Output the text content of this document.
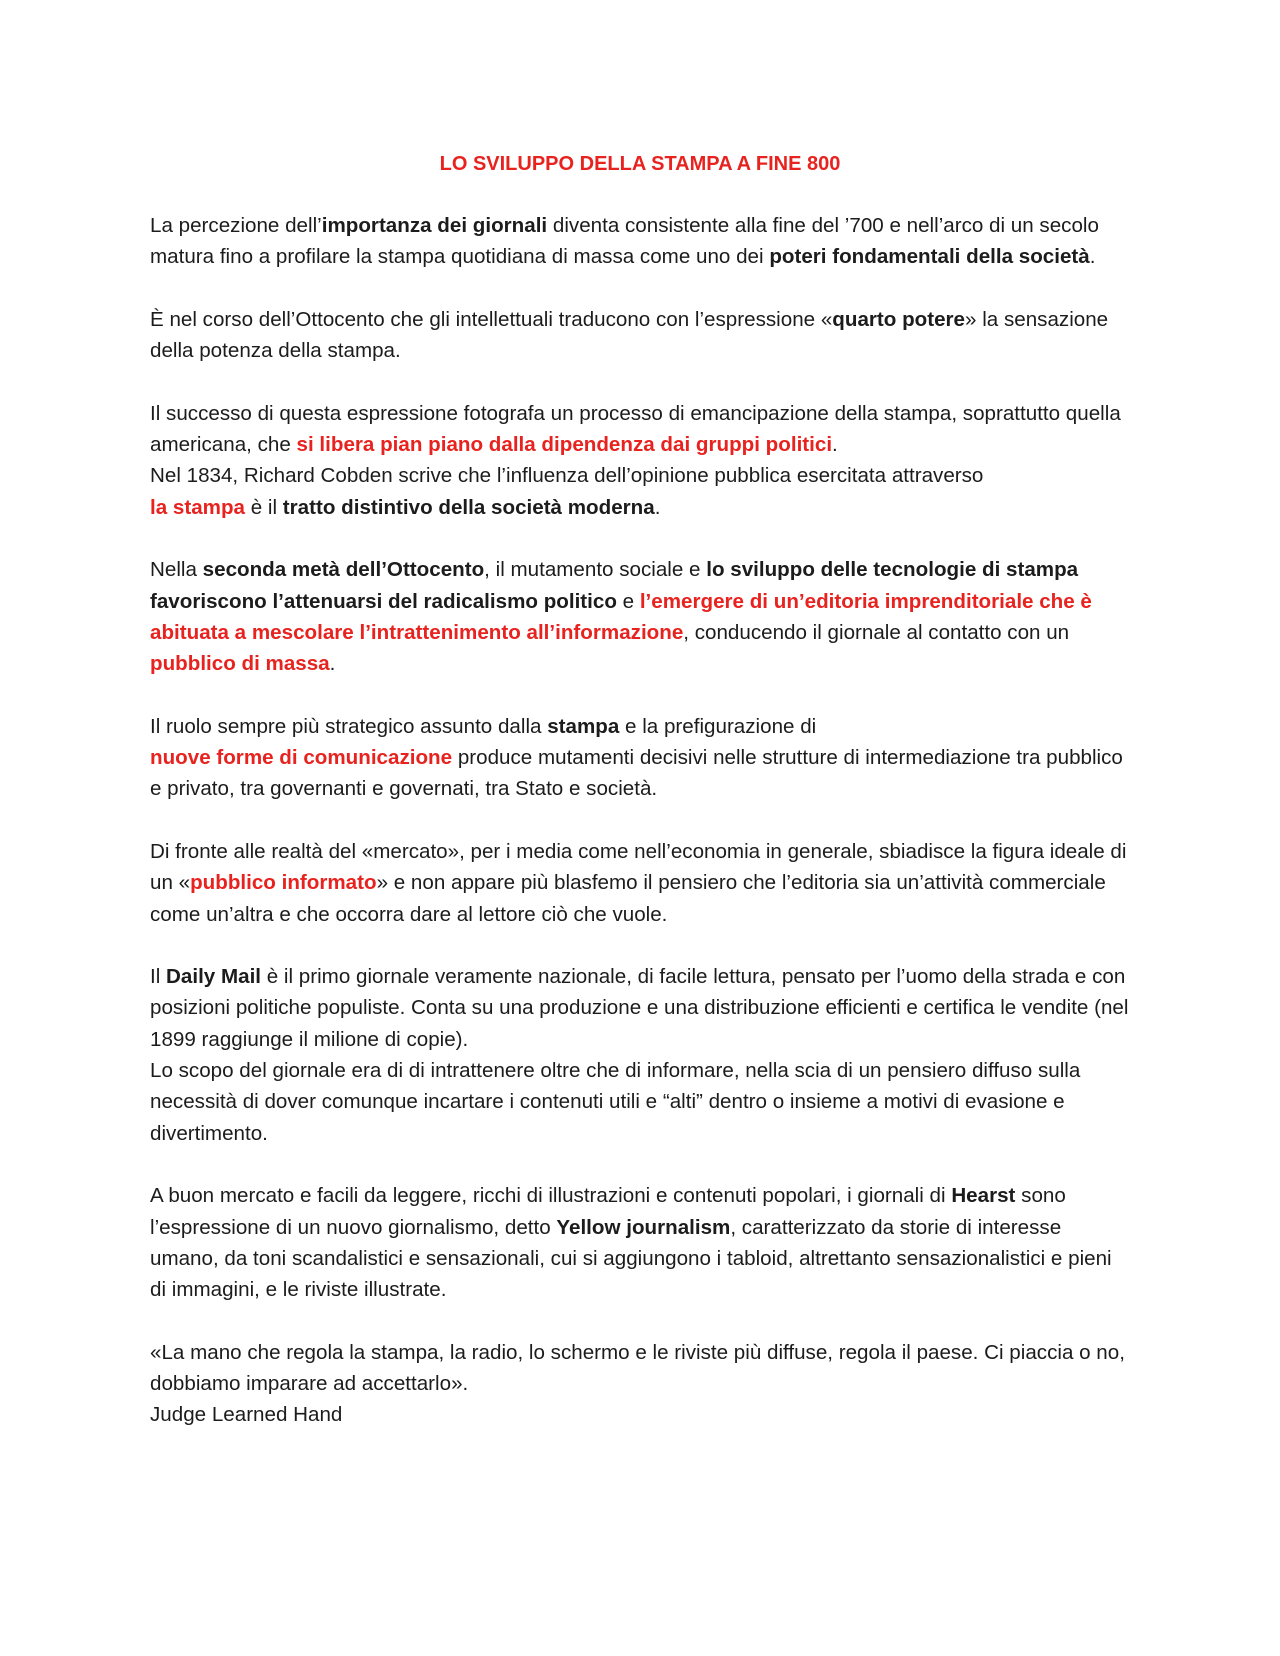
LO SVILUPPO DELLA STAMPA A FINE 800

La percezione dell’importanza dei giornali diventa consistente alla fine del ’700 e nell’arco di un secolo matura fino a profilare la stampa quotidiana di massa come uno dei poteri fondamentali della società.

È nel corso dell’Ottocento che gli intellettuali traducono con l’espressione «quarto potere» la sensazione della potenza della stampa.

Il successo di questa espressione fotografa un processo di emancipazione della stampa, soprattutto quella americana, che si libera pian piano dalla dipendenza dai gruppi politici.
Nel 1834, Richard Cobden scrive che l’influenza dell’opinione pubblica esercitata attraverso
la stampa è il tratto distintivo della società moderna.

Nella seconda metà dell’Ottocento, il mutamento sociale e lo sviluppo delle tecnologie di stampa favoriscono l’attenuarsi del radicalismo politico e l’emergere di un’editoria imprenditoriale che è abituata a mescolare l’intrattenimento all’informazione, conducendo il giornale al contatto con un pubblico di massa.

Il ruolo sempre più strategico assunto dalla stampa e la prefigurazione di
nuove forme di comunicazione produce mutamenti decisivi nelle strutture di intermediazione tra pubblico e privato, tra governanti e governati, tra Stato e società.

Di fronte alle realtà del «mercato», per i media come nell’economia in generale, sbiadisce la figura ideale di un «pubblico informato» e non appare più blasfemo il pensiero che l’editoria sia un’attività commerciale come un’altra e che occorra dare al lettore ciò che vuole.

Il Daily Mail è il primo giornale veramente nazionale, di facile lettura, pensato per l’uomo della strada e con posizioni politiche populiste. Conta su una produzione e una distribuzione efficienti e certifica le vendite (nel 1899 raggiunge il milione di copie).
Lo scopo del giornale era di di intrattenere oltre che di informare, nella scia di un pensiero diffuso sulla necessità di dover comunque incartare i contenuti utili e “alti” dentro o insieme a motivi di evasione e divertimento.

A buon mercato e facili da leggere, ricchi di illustrazioni e contenuti popolari, i giornali di Hearst sono l’espressione di un nuovo giornalismo, detto Yellow journalism, caratterizzato da storie di interesse umano, da toni scandalistici e sensazionali, cui si aggiungono i tabloid, altrettanto sensazionalistici e pieni di immagini, e le riviste illustrate.

«La mano che regola la stampa, la radio, lo schermo e le riviste più diffuse, regola il paese. Ci piaccia o no, dobbiamo imparare ad accettarlo».
Judge Learned Hand
